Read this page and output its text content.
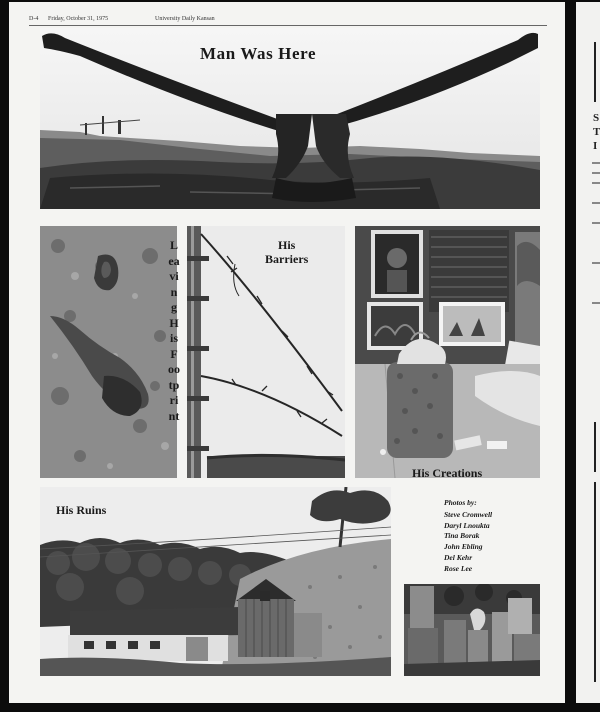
D-4 Friday, October 31, 1975	University Daily Kansan
Man Was Here
Leaving His Footprint
His
Barriers
His Creations
His Ruins
Photos by:
Steve Cromwell
Daryl Lnoukta
Tina Borak
John Ebling
Del Kehr
Rose Lee
S
T
I
